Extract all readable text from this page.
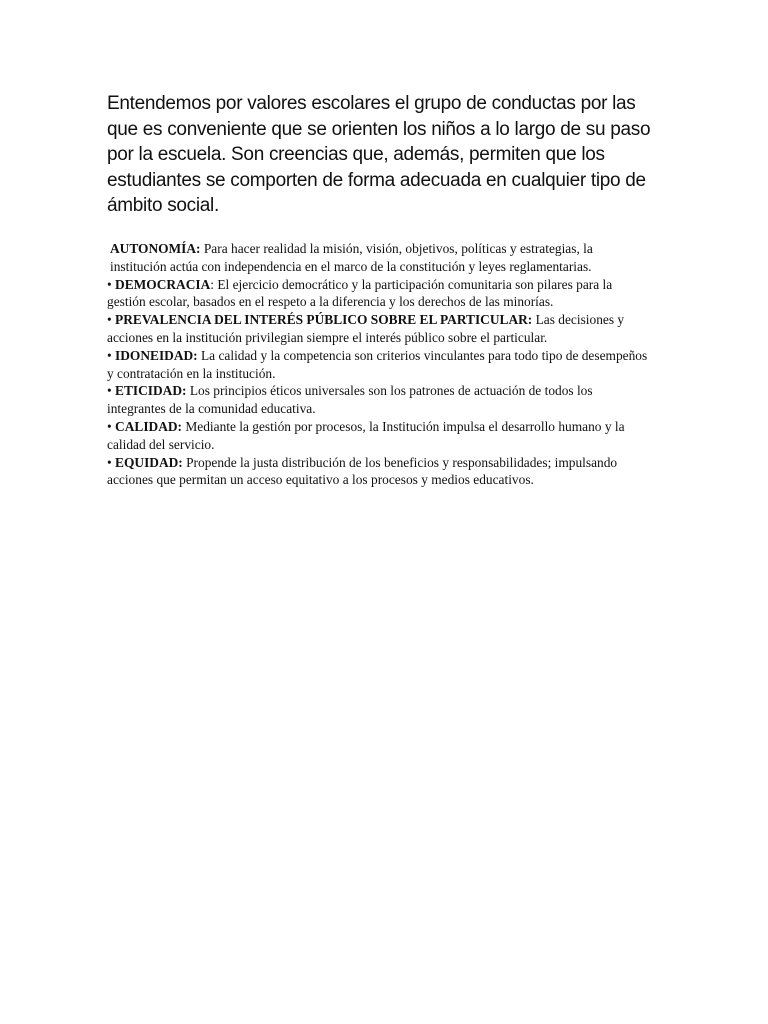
Entendemos por valores escolares el grupo de conductas por las que es conveniente que se orienten los niños a lo largo de su paso por la escuela. Son creencias que, además, permiten que los estudiantes se comporten de forma adecuada en cualquier tipo de ámbito social.

AUTONOMÍA: Para hacer realidad la misión, visión, objetivos, políticas y estrategias, la institución actúa con independencia en el marco de la constitución y leyes reglamentarias.
• DEMOCRACIA: El ejercicio democrático y la participación comunitaria son pilares para la gestión escolar, basados en el respeto a la diferencia y los derechos de las minorías.
• PREVALENCIA DEL INTERÉS PÚBLICO SOBRE EL PARTICULAR: Las decisiones y acciones en la institución privilegian siempre el interés público sobre el particular.
• IDONEIDAD: La calidad y la competencia son criterios vinculantes para todo tipo de desempeños y contratación en la institución.
• ETICIDAD: Los principios éticos universales son los patrones de actuación de todos los integrantes de la comunidad educativa.
• CALIDAD: Mediante la gestión por procesos, la Institución impulsa el desarrollo humano y la calidad del servicio.
• EQUIDAD: Propende la justa distribución de los beneficios y responsabilidades; impulsando acciones que permitan un acceso equitativo a los procesos y medios educativos.
